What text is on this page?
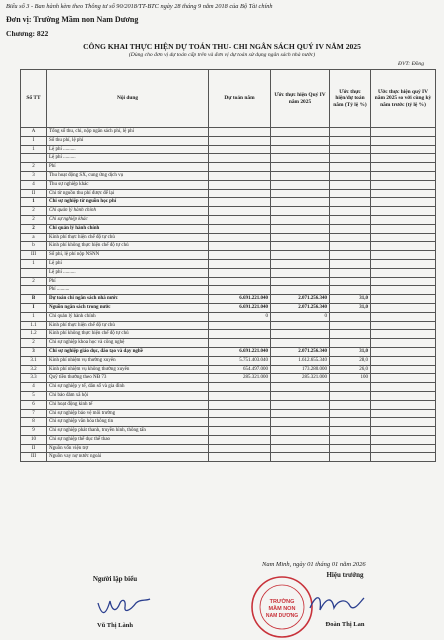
Biểu số 3 - Ban hành kèm theo Thông tư số 90/2018/TT-BTC ngày 28 tháng 9 năm 2018 của Bộ Tài chính
Đơn vị: Trường Mầm non Nam Dương
Chương: 822
CÔNG KHAI THỰC HIỆN DỰ TOÁN THU- CHI NGÂN SÁCH QUÝ IV NĂM 2025
(Dùng cho đơn vị dự toán cấp trên và đơn vị dự toán sử dụng ngân sách nhà nước)
ĐVT: Đồng
Số TT	Nội dung	Dự toán năm	Ước thực hiện Quý IV năm 2025	Ước thực hiện/dự toán năm (Tỷ lệ %)	Ước thực hiện quý IV năm 2025 so với cùng kỳ năm trước (tỷ lệ %)
A	Tổng số thu, chi, nộp ngân sách phí, lệ phí				
I	Số thu phí, lệ phí				
1	Lệ phí ..........				
	Lệ phí ..........				
2	Phí				
3	Thu hoạt động SX, cung ứng dịch vụ				
4	Thu sự nghiệp khác				
II	Chi từ nguồn thu phí được để lại				
1	Chi sự nghiệp từ nguồn học phí				
2	Chi quản lý hành chính				
2	Chi sự nghiệp khác				
2	Chi quản lý hành chính				
a	Kinh phí thực hiện chế độ tự chủ				
b	Kinh phí không thực hiện chế độ tự chủ				
III	Số phí, lệ phí nộp NSNN				
1	Lệ phí				
	Lệ phí ..........				
2	Phí				
	Phí ..........				
B	Dự toán chi ngân sách nhà nước	6.691.221.040	2.071.256.340	31,0	
I	Nguồn ngân sách trong nước	6.691.221.040	2.071.256.340	31,0	
1	Chi quản lý hành chính	0	0		
1.1	Kinh phí thực hiện chế độ tự chủ				
1.2	Kinh phí không thực hiện chế độ tự chủ				
2	Chi sự nghiệp khoa học và công nghệ				
3	Chi sự nghiệp giáo dục, đào tạo và dạy nghề	6.691.221.040	2.071.256.340	31,0	
3.1	Kinh phí nhiệm vụ thường xuyên	5.751.403.040	1.612.655.340	28,0	
3.2	Kinh phí nhiệm vụ không thường xuyên	654.497.000	173.280.000	26,0	
3.3	Quỹ tiền thưởng theo NĐ 73	285.321.000	285.321.000	100	
4	Chi sự nghiệp y tế, dân số và gia đình				
5	Chi bảo đảm xã hội				
6	Chi hoạt động kinh tế				
7	Chi sự nghiệp bảo vệ môi trường				
8	Chi sự nghiệp văn hóa thông tin				
9	Chi sự nghiệp phát thanh, truyền hình, thông tấn				
10	Chi sự nghiệp thể dục thể thao				
II	Nguồn vốn viện trợ				
III	Nguồn vay nợ nước ngoài				
Nam Minh, ngày 01 tháng 01 năm 2026
Người lập biểu	Hiệu trưởng
TRƯỜNG
MẦM NON
NAM DƯƠNG
Vũ Thị Lành	Đoàn Thị Lan
